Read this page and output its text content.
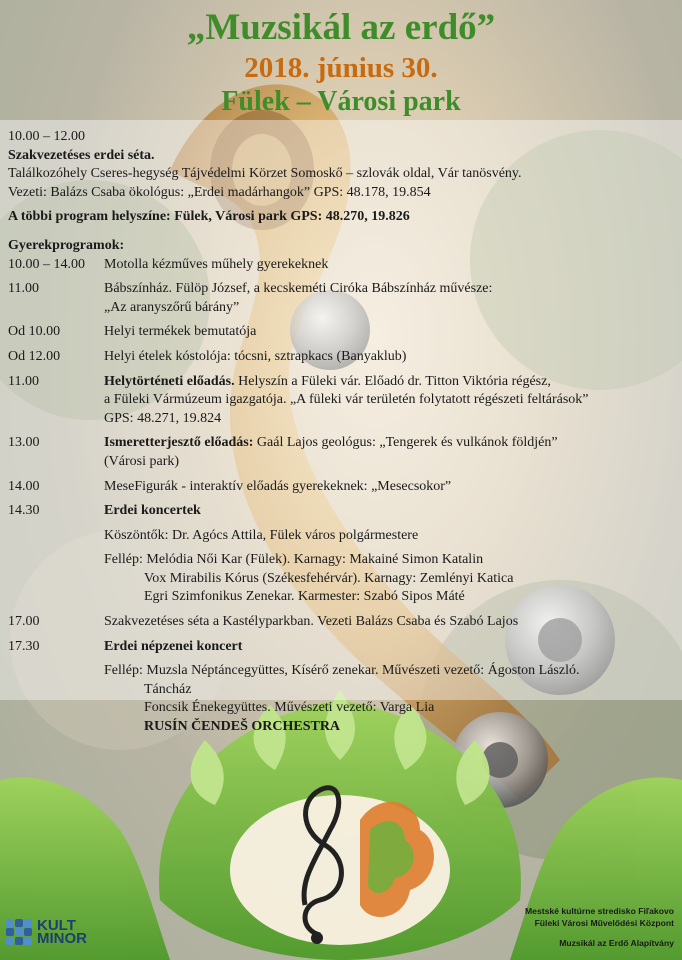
„Muzsikál az erdő”
2018. június 30.
Fülek – Városi park
10.00 – 12.00
Szakvezetéses erdei séta.
Találkozóhely Cseres-hegység Tájvédelmi Körzet Somoskő – szlovák oldal, Vár tanösvény.
Vezeti: Balázs Csaba ökológus: „Erdei madárhangok” GPS: 48.178, 19.854
A többi program helyszíne: Fülek, Városi park GPS: 48.270, 19.826
Gyerekprogramok:
10.00 – 14.00	Motolla kézműves műhely gyerekeknek
11.00	Bábszínház. Fülöp József, a kecskeméti Ciróka Bábszínház művésze:
„Az aranyszőrű bárány”
Od 10.00	Helyi termékek bemutatója
Od 12.00	Helyi ételek kóstolója: tócsni, sztrapkacs (Banyaklub)
11.00	Helytörténeti előadás. Helyszín a Füleki vár. Előadó dr. Titton Viktória régész,
a Füleki Vármúzeum igazgatója. „A füleki vár területén folytatott régészeti feltárások”
GPS: 48.271, 19.824
13.00	Ismeretterjesztő előadás: Gaál Lajos geológus: „Tengerek és vulkánok földjén”
(Városi park)
14.00	MeseFigurák - interaktív előadás gyerekeknek: „Mesecsokor”
14.30	Erdei koncertek
Köszöntők: Dr. Agócs Attila, Fülek város polgármestere
Fellép: Melódia Női Kar (Fülek). Karnagy: Makainé Simon Katalin
Vox Mirabilis Kórus (Székesfehérvár). Karnagy: Zemlényi Katica
Egri Szimfonikus Zenekar. Karmester: Szabó Sipos Máté
17.00	Szakvezetéses séta a Kastélyparkban. Vezeti Balázs Csaba és Szabó Lajos
17.30	Erdei népzenei koncert
Fellép: Muzsla Néptáncegyüttes, Kísérő zenekar. Művészeti vezető: Ágoston László.
Táncház
Foncsik Énekegyüttes. Művészeti vezető: Varga Lia
RUSÍN ČENDEŠ ORCHESTRA
KULT
MINOR
Mestské kultúrne stredisko Fiľakovo
Füleki Városi Művelődési Központ
Muzsikál az Erdő Alapítvány
